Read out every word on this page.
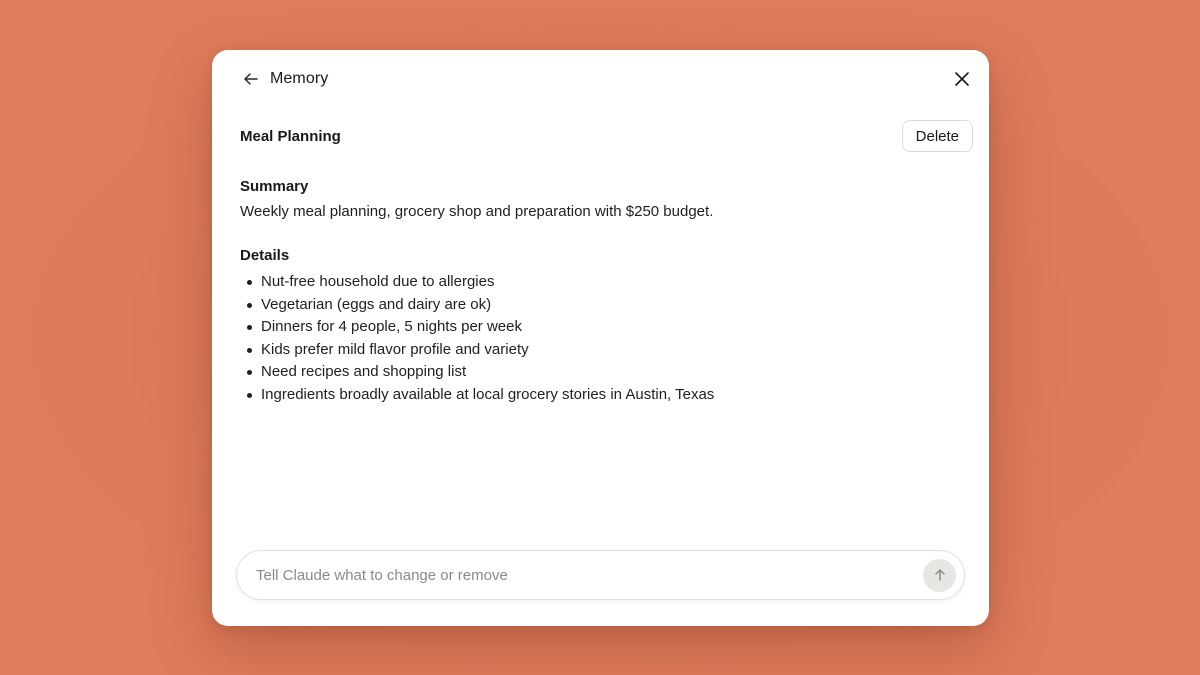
Memory
Meal Planning	Delete
Summary
Weekly meal planning, grocery shop and preparation with $250 budget.
Details
Nut-free household due to allergies
Vegetarian (eggs and dairy are ok)
Dinners for 4 people, 5 nights per week
Kids prefer mild flavor profile and variety
Need recipes and shopping list
Ingredients broadly available at local grocery stories in Austin, Texas
Tell Claude what to change or remove
